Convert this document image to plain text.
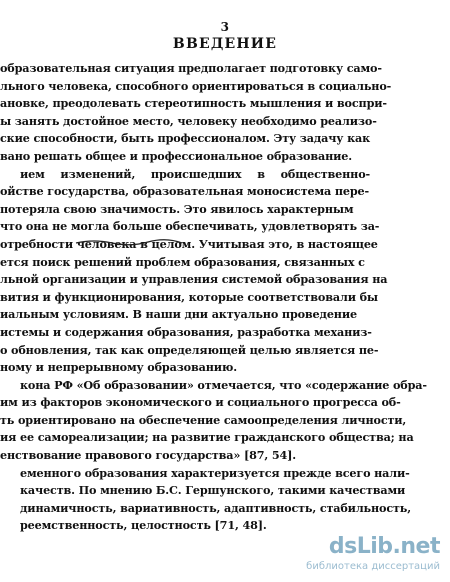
3
ВВЕДЕНИЕ
образовательная ситуация предполагает подготовку само-
льного человека, способного ориентироваться в социально-
ановке, преодолевать стереотипность мышления и воспри-
ы занять достойное место, человеку необходимо реализо-
ские способности, быть профессионалом. Эту задачу как
вано решать общее и профессиональное образование.
ием изменений, происшедших в общественно-
ойстве государства, образовательная моносистема пере-
потеряла свою значимость. Это явилось характерным
что она не могла больше обеспечивать, удовлетворять за-
отребности человека в целом. Учитывая это, в настоящее
ется поиск решений проблем образования, связанных с
льной организации и управления системой образования на
вития и функционирования, которые соответствовали бы
иальным условиям. В наши дни актуально проведение
истемы и содержания образования, разработка механиз-
о обновления, так как определяющей целью является пе-
ному и непрерывному образованию.
кона РФ «Об образовании» отмечается, что «содержание обра-
им из факторов экономического и социального прогресса об-
ть ориентировано на обеспечение самоопределения личности,
ия ее самореализации; на развитие гражданского общества; на
енствование правового государства» [87, 54].
еменного образования характеризуется прежде всего нали-
качеств. По мнению Б.С. Гершунского, такими качествами
динамичность, вариативность, адаптивность, стабильность,
реемственность, целостность [71, 48].
dsLib.net
библиотека диссертаций
